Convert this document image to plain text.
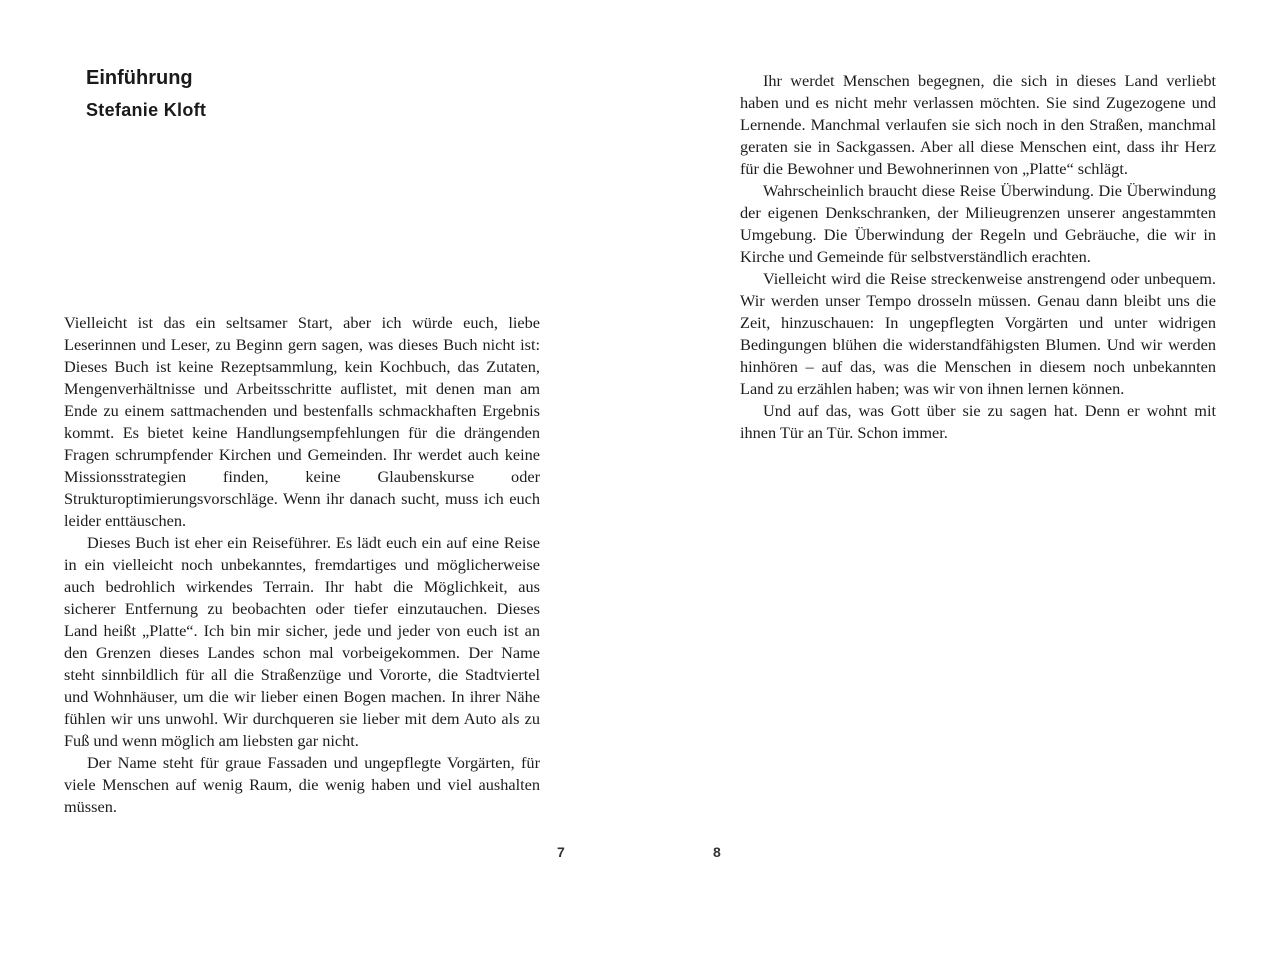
Einführung
Stefanie Kloft

Vielleicht ist das ein seltsamer Start, aber ich würde euch, liebe Leserinnen und Leser, zu Beginn gern sagen, was dieses Buch nicht ist: Dieses Buch ist keine Rezeptsammlung, kein Kochbuch, das Zutaten, Mengenverhältnisse und Arbeitsschritte auflistet, mit denen man am Ende zu einem sattmachenden und bestenfalls schmackhaften Ergebnis kommt. Es bietet keine Handlungsempfehlungen für die drängenden Fragen schrumpfender Kirchen und Gemeinden. Ihr werdet auch keine Missionsstrategien finden, keine Glaubenskurse oder Strukturoptimierungsvorschläge. Wenn ihr danach sucht, muss ich euch leider enttäuschen.

Dieses Buch ist eher ein Reiseführer. Es lädt euch ein auf eine Reise in ein vielleicht noch unbekanntes, fremdartiges und möglicherweise auch bedrohlich wirkendes Terrain. Ihr habt die Möglichkeit, aus sicherer Entfernung zu beobachten oder tiefer einzutauchen. Dieses Land heißt „Platte“. Ich bin mir sicher, jede und jeder von euch ist an den Grenzen dieses Landes schon mal vorbeigekommen. Der Name steht sinnbildlich für all die Straßenzüge und Vororte, die Stadtviertel und Wohnhäuser, um die wir lieber einen Bogen machen. In ihrer Nähe fühlen wir uns unwohl. Wir durchqueren sie lieber mit dem Auto als zu Fuß und wenn möglich am liebsten gar nicht.

Der Name steht für graue Fassaden und ungepflegte Vorgärten, für viele Menschen auf wenig Raum, die wenig haben und viel aushalten müssen.

7

Ihr werdet Menschen begegnen, die sich in dieses Land verliebt haben und es nicht mehr verlassen möchten. Sie sind Zugezogene und Lernende. Manchmal verlaufen sie sich noch in den Straßen, manchmal geraten sie in Sackgassen. Aber all diese Menschen eint, dass ihr Herz für die Bewohner und Bewohnerinnen von „Platte“ schlägt.

Wahrscheinlich braucht diese Reise Überwindung. Die Überwindung der eigenen Denkschranken, der Milieugrenzen unserer angestammten Umgebung. Die Überwindung der Regeln und Gebräuche, die wir in Kirche und Gemeinde für selbstverständlich erachten.

Vielleicht wird die Reise streckenweise anstrengend oder unbequem. Wir werden unser Tempo drosseln müssen. Genau dann bleibt uns die Zeit, hinzuschauen: In ungepflegten Vorgärten und unter widrigen Bedingungen blühen die widerstandfähigsten Blumen. Und wir werden hinhören – auf das, was die Menschen in diesem noch unbekannten Land zu erzählen haben; was wir von ihnen lernen können.

Und auf das, was Gott über sie zu sagen hat. Denn er wohnt mit ihnen Tür an Tür. Schon immer.

8
